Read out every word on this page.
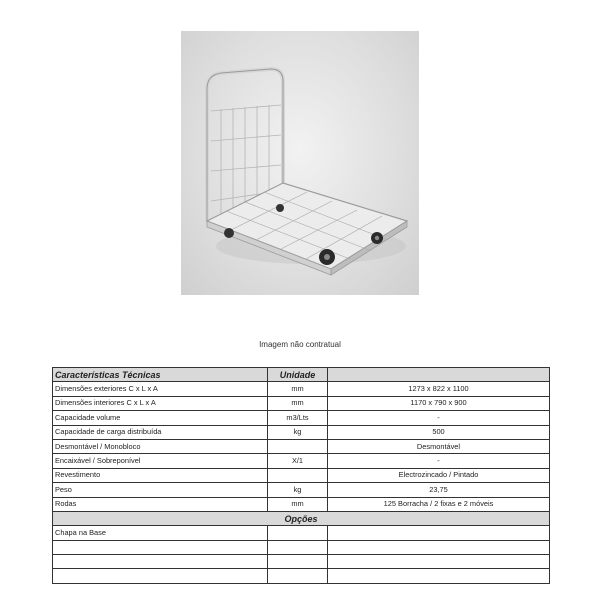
Imagem não contratual
Características Técnicas	Unidade	
Dimensões exteriores C x L x A	mm	1273 x 822 x 1100
Dimensões interiores C x L x A	mm	1170 x 790 x 900
Capacidade volume	m3/Lts	-
Capacidade de carga distribuída	kg	500
Desmontável / Monobloco		Desmontável
Encaixável / Sobreponível	X/1	-
Revestimento		Electrozincado / Pintado
Peso	kg	23,75
Rodas	mm	125 Borracha / 2 fixas e 2 móveis
Opções		
Chapa na Base		
